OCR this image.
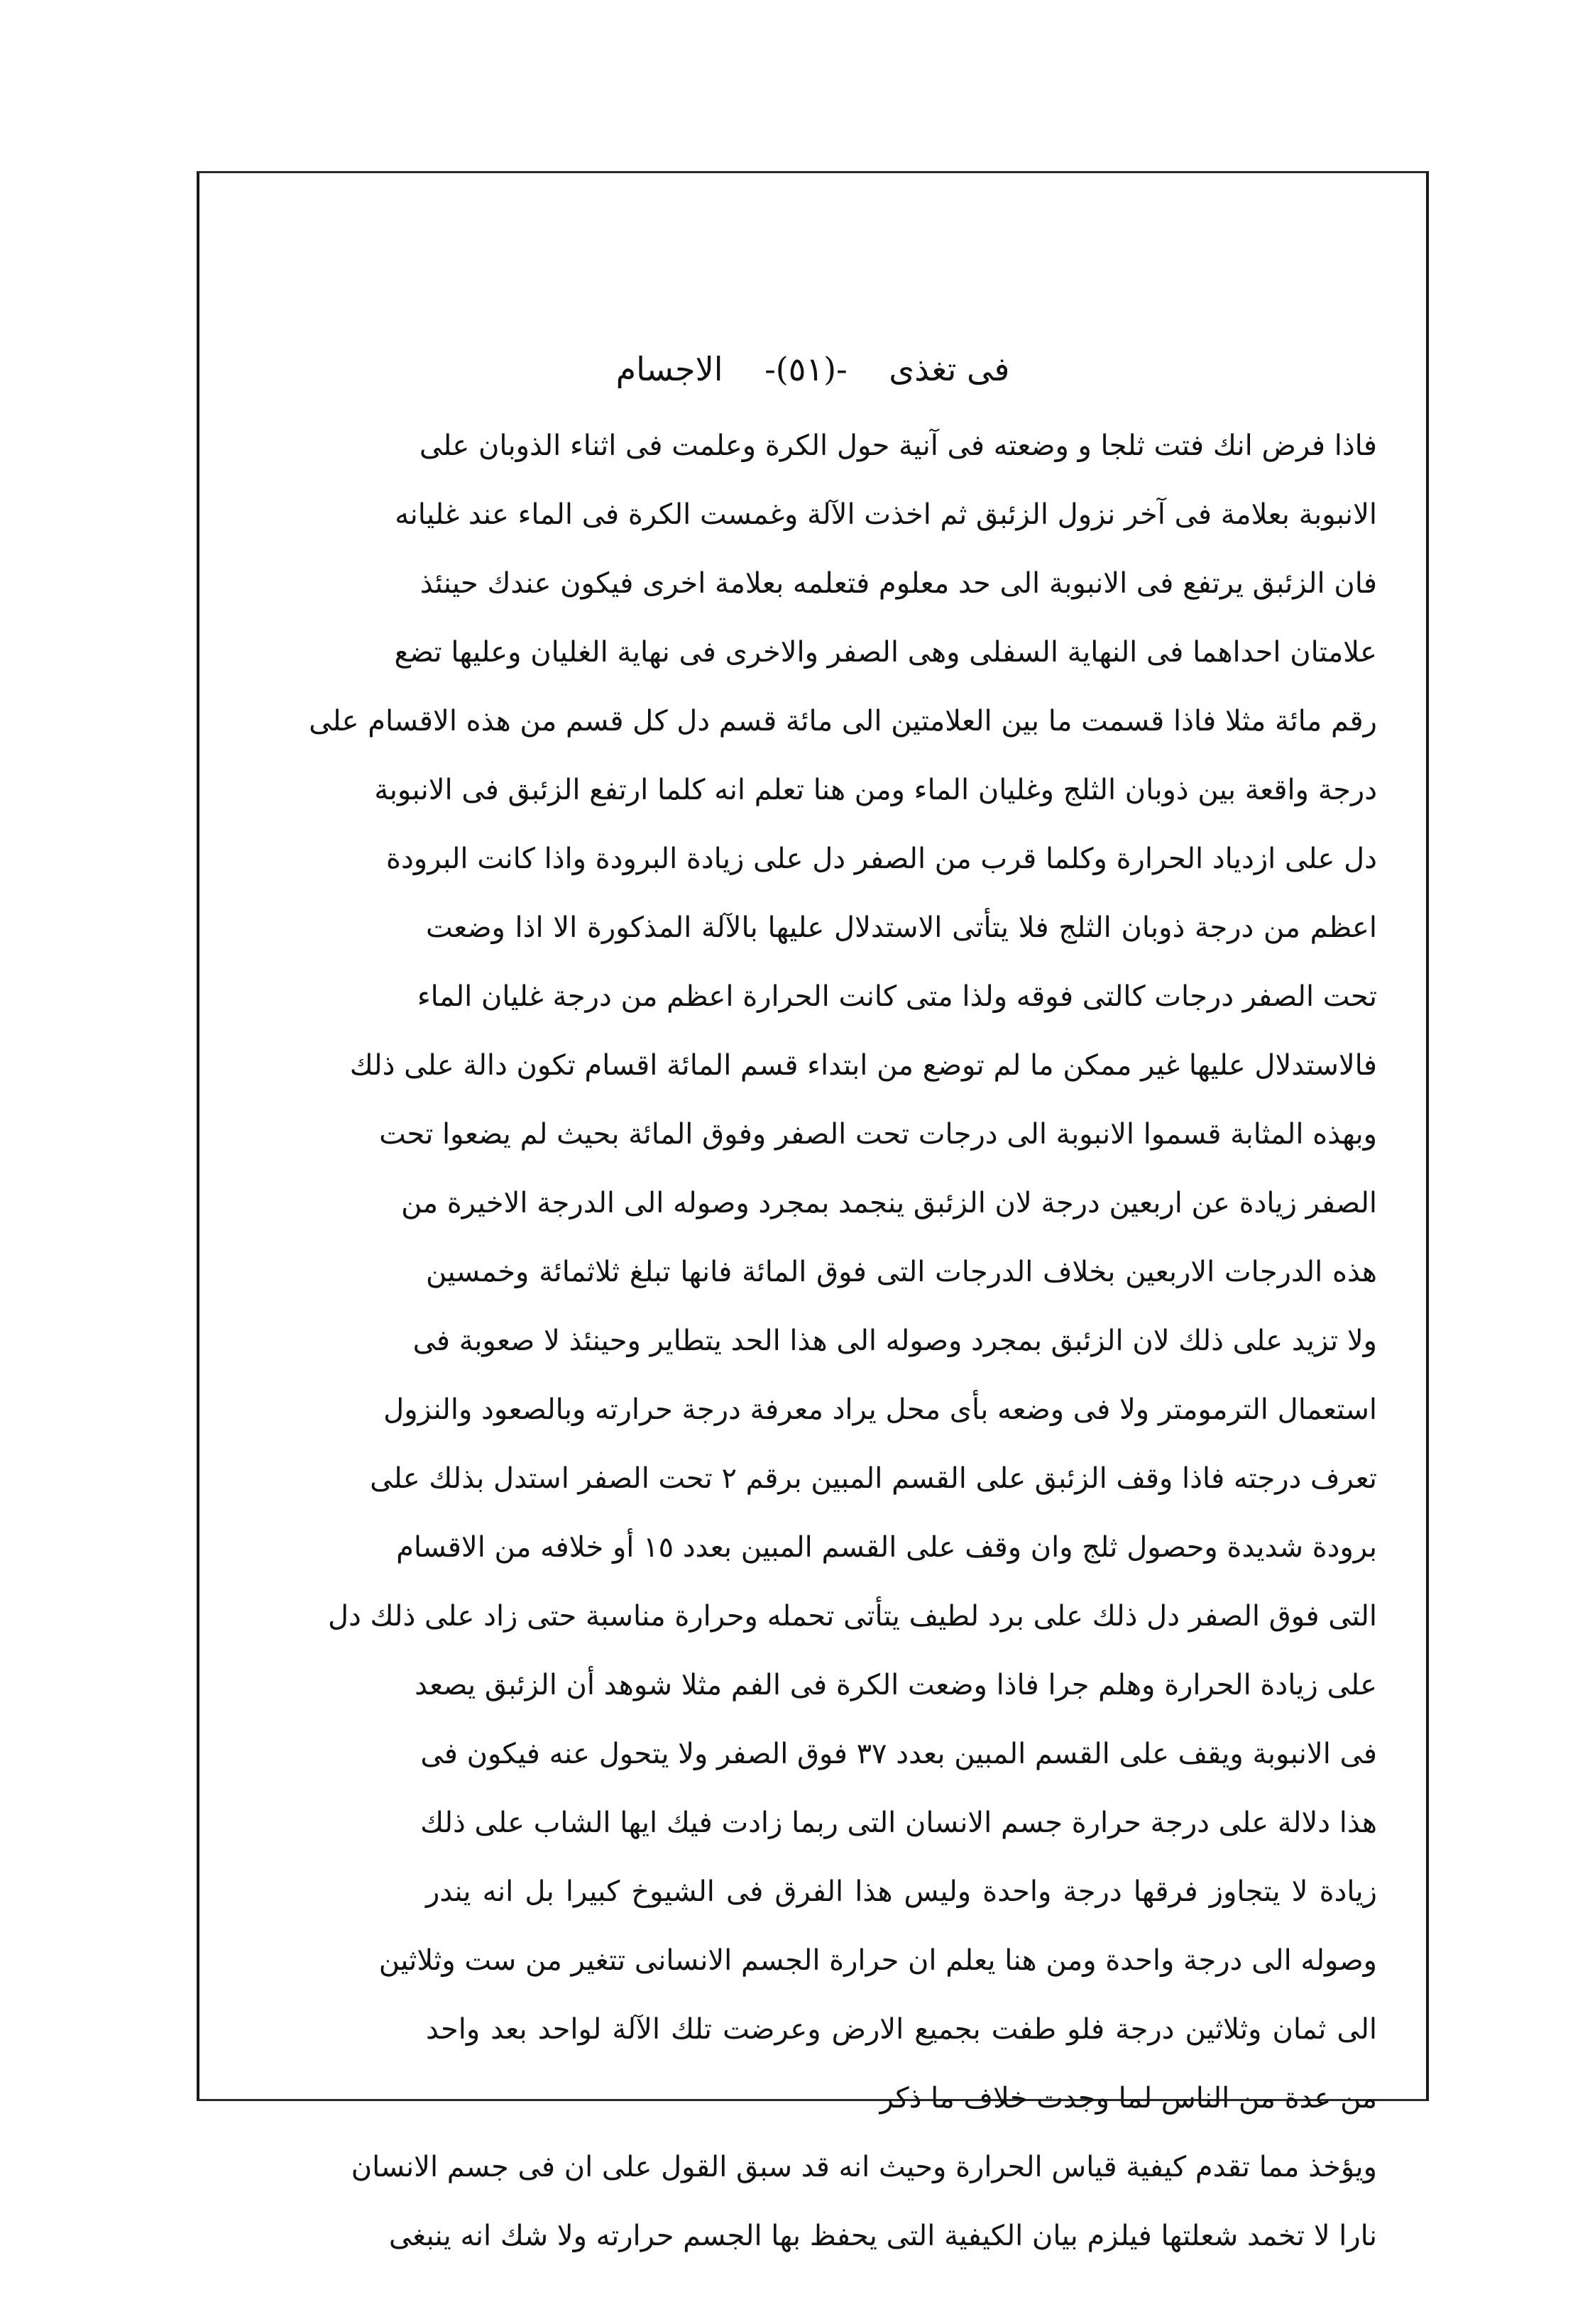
فى تغذى -(٥١)- الاجسام
فاذا فرض انك فتت ثلجا و وضعته فى آنية حول الكرة وعلمت فى اثناء الذوبان على
الانبوبة بعلامة فى آخر نزول الزئبق ثم اخذت الآلة وغمست الكرة فى الماء عند غليانه
فان الزئبق يرتفع فى الانبوبة الى حد معلوم فتعلمه بعلامة اخرى فيكون عندك حينئذ
علامتان احداهما فى النهاية السفلى وهى الصفر والاخرى فى نهاية الغليان وعليها تضع
رقم مائة مثلا فاذا قسمت ما بين العلامتين الى مائة قسم دل كل قسم من هذه الاقسام على
درجة واقعة بين ذوبان الثلج وغليان الماء ومن هنا تعلم انه كلما ارتفع الزئبق فى الانبوبة
دل على ازدياد الحرارة وكلما قرب من الصفر دل على زيادة البرودة واذا كانت البرودة
اعظم من درجة ذوبان الثلج فلا يتأتى الاستدلال عليها بالآلة المذكورة الا اذا وضعت
تحت الصفر درجات كالتى فوقه ولذا متى كانت الحرارة اعظم من درجة غليان الماء
فالاستدلال عليها غير ممكن ما لم توضع من ابتداء قسم المائة اقسام تكون دالة على ذلك
وبهذه المثابة قسموا الانبوبة الى درجات تحت الصفر وفوق المائة بحيث لم يضعوا تحت
الصفر زيادة عن اربعين درجة لان الزئبق ينجمد بمجرد وصوله الى الدرجة الاخيرة من
هذه الدرجات الاربعين بخلاف الدرجات التى فوق المائة فانها تبلغ ثلاثمائة وخمسين
ولا تزيد على ذلك لان الزئبق بمجرد وصوله الى هذا الحد يتطاير وحينئذ لا صعوبة فى
استعمال الترمومتر ولا فى وضعه بأى محل يراد معرفة درجة حرارته وبالصعود والنزول
تعرف درجته فاذا وقف الزئبق على القسم المبين برقم ٢ تحت الصفر استدل بذلك على
برودة شديدة وحصول ثلج وان وقف على القسم المبين بعدد ١٥ أو خلافه من الاقسام
التى فوق الصفر دل ذلك على برد لطيف يتأتى تحمله وحرارة مناسبة حتى زاد على ذلك دل
على زيادة الحرارة وهلم جرا فاذا وضعت الكرة فى الفم مثلا شوهد أن الزئبق يصعد
فى الانبوبة ويقف على القسم المبين بعدد ٣٧ فوق الصفر ولا يتحول عنه فيكون فى
هذا دلالة على درجة حرارة جسم الانسان التى ربما زادت فيك ايها الشاب على ذلك
زيادة لا يتجاوز فرقها درجة واحدة وليس هذا الفرق فى الشيوخ كبيرا بل انه يندر
وصوله الى درجة واحدة ومن هنا يعلم ان حرارة الجسم الانسانى تتغير من ست وثلاثين
الى ثمان وثلاثين درجة فلو طفت بجميع الارض وعرضت تلك الآلة لواحد بعد واحد
من عدة من الناس لما وجدت خلاف ما ذكر
ويؤخذ مما تقدم كيفية قياس الحرارة وحيث انه قد سبق القول على ان فى جسم الانسان
نارا لا تخمد شعلتها فيلزم بيان الكيفية التى يحفظ بها الجسم حرارته ولا شك انه ينبغى
